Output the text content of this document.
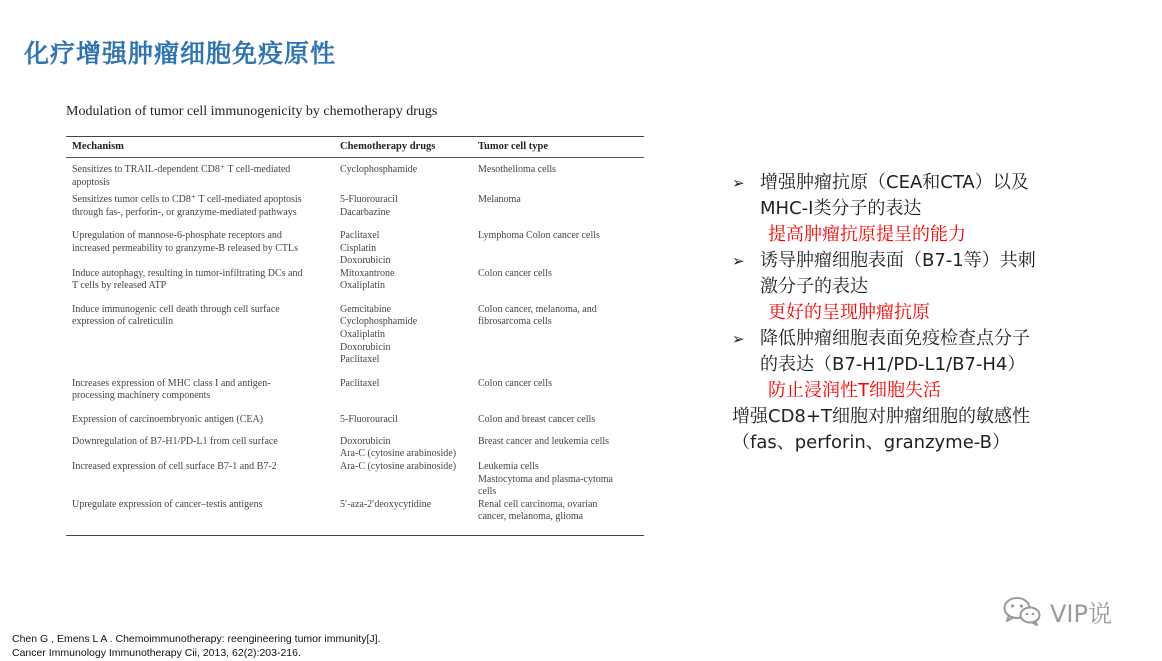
化疗增强肿瘤细胞免疫原性
Modulation of tumor cell immunogenicity by chemotherapy drugs
Mechanism	Chemotherapy drugs	Tumor cell type

Sensitizes to TRAIL-dependent CD8⁺ T cell-mediated
apoptosis	Cyclophosphamide	Mesothelioma cells

Sensitizes tumor cells to CD8⁺ T cell-mediated apoptosis
through fas-, perforin-, or granzyme-mediated pathways	5-Fluorouracil
Dacarbazine	Melanoma

Upregulation of mannose-6-phosphate receptors and
increased permeability to granzyme-B released by CTLs	Paclitaxel
Cisplatin
Doxorubicin	Lymphoma Colon cancer cells

Induce autophagy, resulting in tumor-infiltrating DCs and
T cells by released ATP	Mitoxantrone
Oxaliplatin	Colon cancer cells

Induce immunogenic cell death through cell surface
expression of calreticulin	Gemcitabine
Cyclophosphamide
Oxaliplatin
Doxorubicin
Paclitaxel	Colon cancer, melanoma, and
fibrosarcoma cells

Increases expression of MHC class I and antigen-
processing machinery components	Paclitaxel	Colon cancer cells

Expression of carcinoembryonic antigen (CEA)	5-Fluorouracil	Colon and breast cancer cells

Downregulation of B7-H1/PD-L1 from cell surface	Doxorubicin
Ara-C (cytosine arabinoside)	Breast cancer and leukemia cells

Increased expression of cell surface B7-1 and B7-2	Ara-C (cytosine arabinoside)	Leukemia cells
Mastocytoma and plasma-cytoma
cells

Upregulate expression of cancer–testis antigens	5′-aza-2′deoxycytidine	Renal cell carcinoma, ovarian
cancer, melanoma, glioma
➢ 增强肿瘤抗原（CEA和CTA）以及
MHC-Ⅰ类分子的表达
提高肿瘤抗原提呈的能力
➢ 诱导肿瘤细胞表面（B7-1等）共刺
激分子的表达
更好的呈现肿瘤抗原
➢ 降低肿瘤细胞表面免疫检查点分子
的表达（B7-H1/PD-L1/B7-H4）
防止浸润性T细胞失活
增强CD8+T细胞对肿瘤细胞的敏感性
（fas、perforin、granzyme-B）
VIP说
Chen G , Emens L A . Chemoimmunotherapy: reengineering tumor immunity[J].
Cancer Immunology Immunotherapy Cii, 2013, 62(2):203-216.
